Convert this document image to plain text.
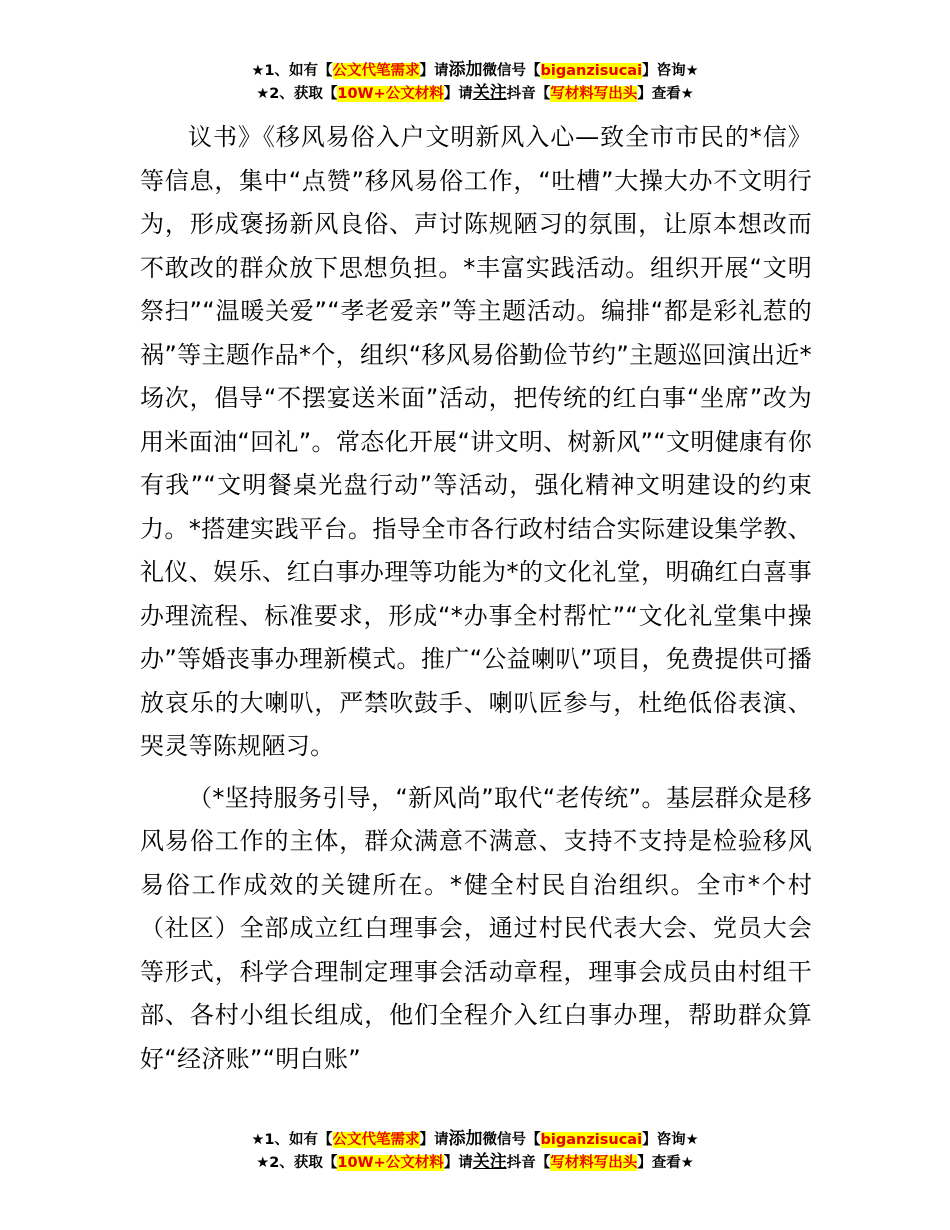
★1、如有【公文代笔需求】请添加微信号【biganzisucai】咨询★
★2、获取【10W+公文材料】请关注抖音【写材料写出头】查看★

议书》《移风易俗入户文明新风入心—致全市市民的*信》等信息，集中“点赞”移风易俗工作，“吐槽”大操大办不文明行为，形成褒扬新风良俗、声讨陈规陋习的氛围，让原本想改而不敢改的群众放下思想负担。*丰富实践活动。组织开展“文明祭扫”“温暖关爱”“孝老爱亲”等主题活动。编排“都是彩礼惹的祸”等主题作品*个，组织“移风易俗勤俭节约”主题巡回演出近*场次，倡导“不摆宴送米面”活动，把传统的红白事“坐席”改为用米面油“回礼”。常态化开展“讲文明、树新风”“文明健康有你有我”“文明餐桌光盘行动”等活动，强化精神文明建设的约束力。*搭建实践平台。指导全市各行政村结合实际建设集学教、礼仪、娱乐、红白事办理等功能为*的文化礼堂，明确红白喜事办理流程、标准要求，形成“*办事全村帮忙”“文化礼堂集中操办”等婚丧事办理新模式。推广“公益喇叭”项目，免费提供可播放哀乐的大喇叭，严禁吹鼓手、喇叭匠参与，杜绝低俗表演、哭灵等陈规陋习。

（*坚持服务引导，“新风尚”取代“老传统”。基层群众是移风易俗工作的主体，群众满意不满意、支持不支持是检验移风易俗工作成效的关键所在。*健全村民自治组织。全市*个村（社区）全部成立红白理事会，通过村民代表大会、党员大会等形式，科学合理制定理事会活动章程，理事会成员由村组干部、各村小组长组成，他们全程介入红白事办理，帮助群众算好“经济账”“明白账”

★1、如有【公文代笔需求】请添加微信号【biganzisucai】咨询★
★2、获取【10W+公文材料】请关注抖音【写材料写出头】查看★
